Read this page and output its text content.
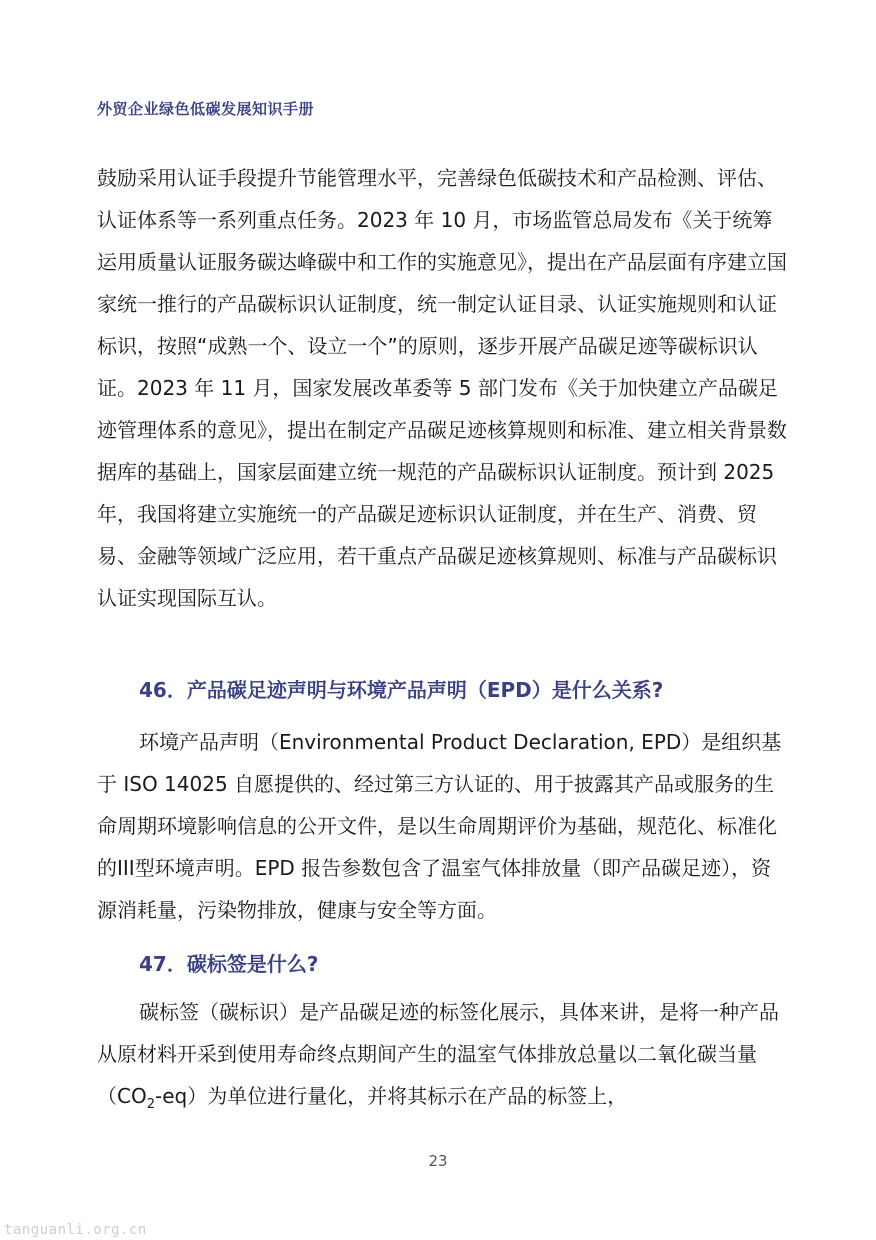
外贸企业绿色低碳发展知识手册

鼓励采用认证手段提升节能管理水平，完善绿色低碳技术和产品检测、评估、认证体系等一系列重点任务。2023 年 10 月，市场监管总局发布《关于统筹运用质量认证服务碳达峰碳中和工作的实施意见》，提出在产品层面有序建立国家统一推行的产品碳标识认证制度，统一制定认证目录、认证实施规则和认证标识，按照“成熟一个、设立一个”的原则，逐步开展产品碳足迹等碳标识认证。2023 年 11 月，国家发展改革委等 5 部门发布《关于加快建立产品碳足迹管理体系的意见》，提出在制定产品碳足迹核算规则和标准、建立相关背景数据库的基础上，国家层面建立统一规范的产品碳标识认证制度。预计到 2025 年，我国将建立实施统一的产品碳足迹标识认证制度，并在生产、消费、贸易、金融等领域广泛应用，若干重点产品碳足迹核算规则、标准与产品碳标识认证实现国际互认。

46．产品碳足迹声明与环境产品声明（EPD）是什么关系?

环境产品声明（Environmental Product Declaration, EPD）是组织基于 ISO 14025 自愿提供的、经过第三方认证的、用于披露其产品或服务的生命周期环境影响信息的公开文件，是以生命周期评价为基础，规范化、标准化的III型环境声明。EPD 报告参数包含了温室气体排放量（即产品碳足迹），资源消耗量，污染物排放，健康与安全等方面。

47．碳标签是什么?

碳标签（碳标识）是产品碳足迹的标签化展示，具体来讲，是将一种产品从原材料开采到使用寿命终点期间产生的温室气体排放总量以二氧化碳当量$(CO_2-eq)$为单位进行量化，并将其标示在产品的标签上，

23
tanguanli.org.cn
